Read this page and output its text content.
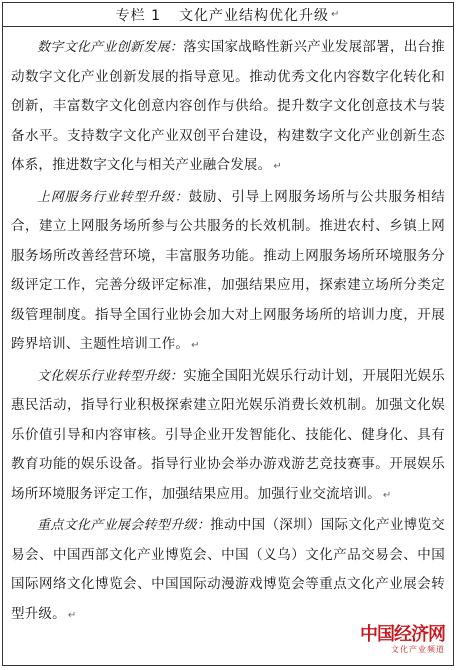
专栏 1 文化产业结构优化升级 ↵

数字文化产业创新发展：落实国家战略性新兴产业发展部署，出台推动数字文化产业创新发展的指导意见。推动优秀文化内容数字化转化和创新，丰富数字文化创意内容创作与供给。提升数字文化创意技术与装备水平。支持数字文化产业双创平台建设，构建数字文化产业创新生态体系，推进数字文化与相关产业融合发展。 ↵

上网服务行业转型升级：鼓励、引导上网服务场所与公共服务相结合，建立上网服务场所参与公共服务的长效机制。推进农村、乡镇上网服务场所改善经营环境，丰富服务功能。推动上网服务场所环境服务分级评定工作，完善分级评定标准，加强结果应用，探索建立场所分类定级管理制度。指导全国行业协会加大对上网服务场所的培训力度，开展跨界培训、主题性培训工作。 ↵

文化娱乐行业转型升级：实施全国阳光娱乐行动计划，开展阳光娱乐惠民活动，指导行业积极探索建立阳光娱乐消费长效机制。加强文化娱乐价值引导和内容审核。引导企业开发智能化、技能化、健身化、具有教育功能的娱乐设备。指导行业协会举办游戏游艺竞技赛事。开展娱乐场所环境服务评定工作，加强结果应用。加强行业交流培训。 ↵

重点文化产业展会转型升级：推动中国（深圳）国际文化产业博览交易会、中国西部文化产业博览会、中国（义乌）文化产品交易会、中国国际网络文化博览会、中国国际动漫游戏博览会等重点文化产业展会转型升级。 ↵

中国经济网
文化产业频道
